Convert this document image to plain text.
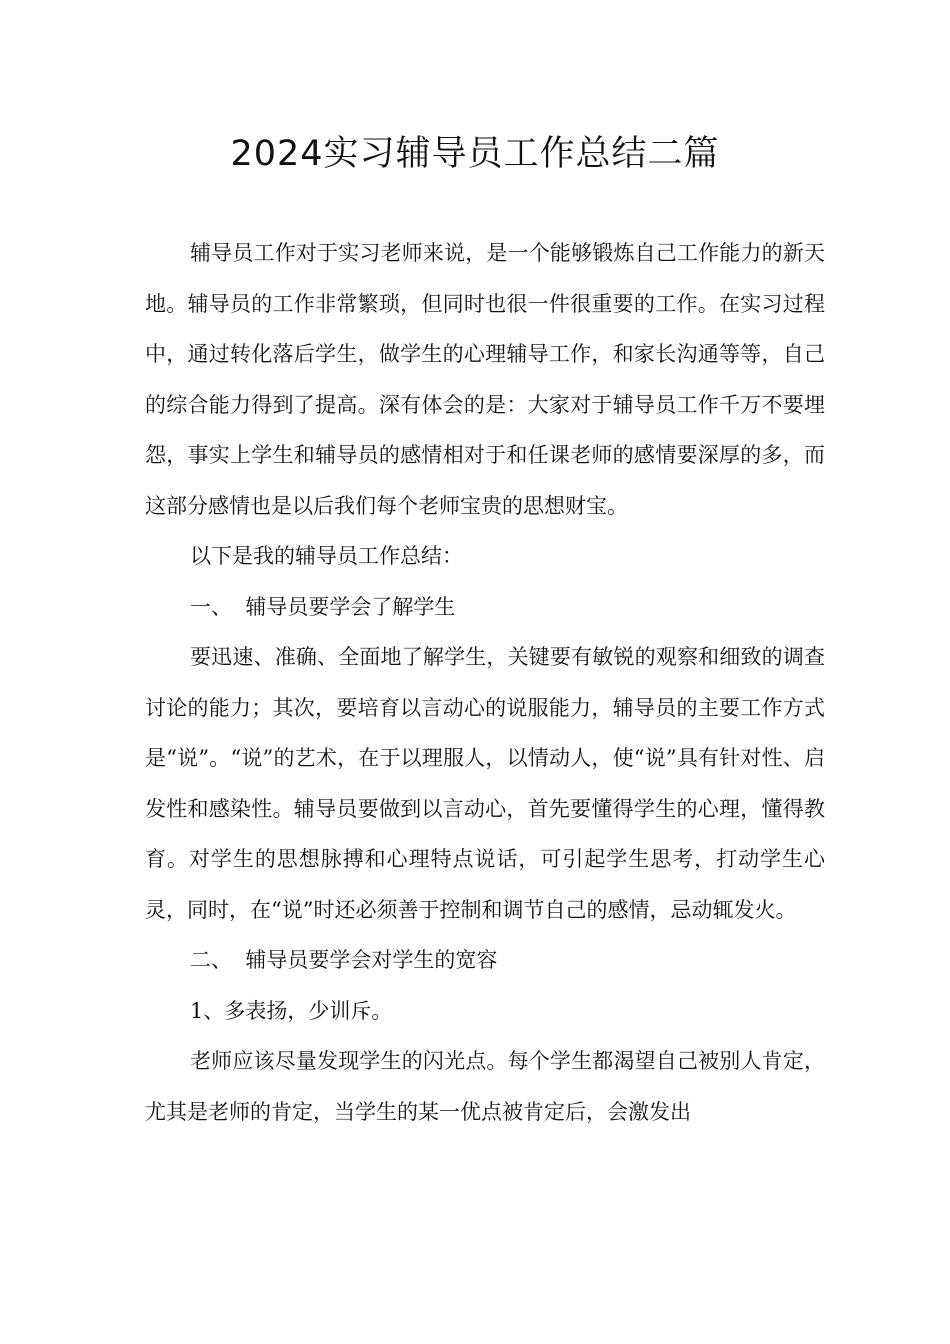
2024实习辅导员工作总结二篇

辅导员工作对于实习老师来说，是一个能够锻炼自己工作能力的新天地。辅导员的工作非常繁琐，但同时也很一件很重要的工作。在实习过程中，通过转化落后学生，做学生的心理辅导工作，和家长沟通等等，自己的综合能力得到了提高。深有体会的是：大家对于辅导员工作千万不要埋怨，事实上学生和辅导员的感情相对于和任课老师的感情要深厚的多，而这部分感情也是以后我们每个老师宝贵的思想财宝。

以下是我的辅导员工作总结：

一、  辅导员要学会了解学生

要迅速、准确、全面地了解学生，关键要有敏锐的观察和细致的调查讨论的能力；其次，要培育以言动心的说服能力，辅导员的主要工作方式是“说”。“说”的艺术，在于以理服人，以情动人，使“说”具有针对性、启发性和感染性。辅导员要做到以言动心，首先要懂得学生的心理，懂得教育。对学生的思想脉搏和心理特点说话，可引起学生思考，打动学生心灵，同时，在“说”时还必须善于控制和调节自己的感情，忌动辄发火。

二、  辅导员要学会对学生的宽容

1、多表扬，少训斥。

老师应该尽量发现学生的闪光点。每个学生都渴望自己被别人肯定，尤其是老师的肯定，当学生的某一优点被肯定后，会激发出
